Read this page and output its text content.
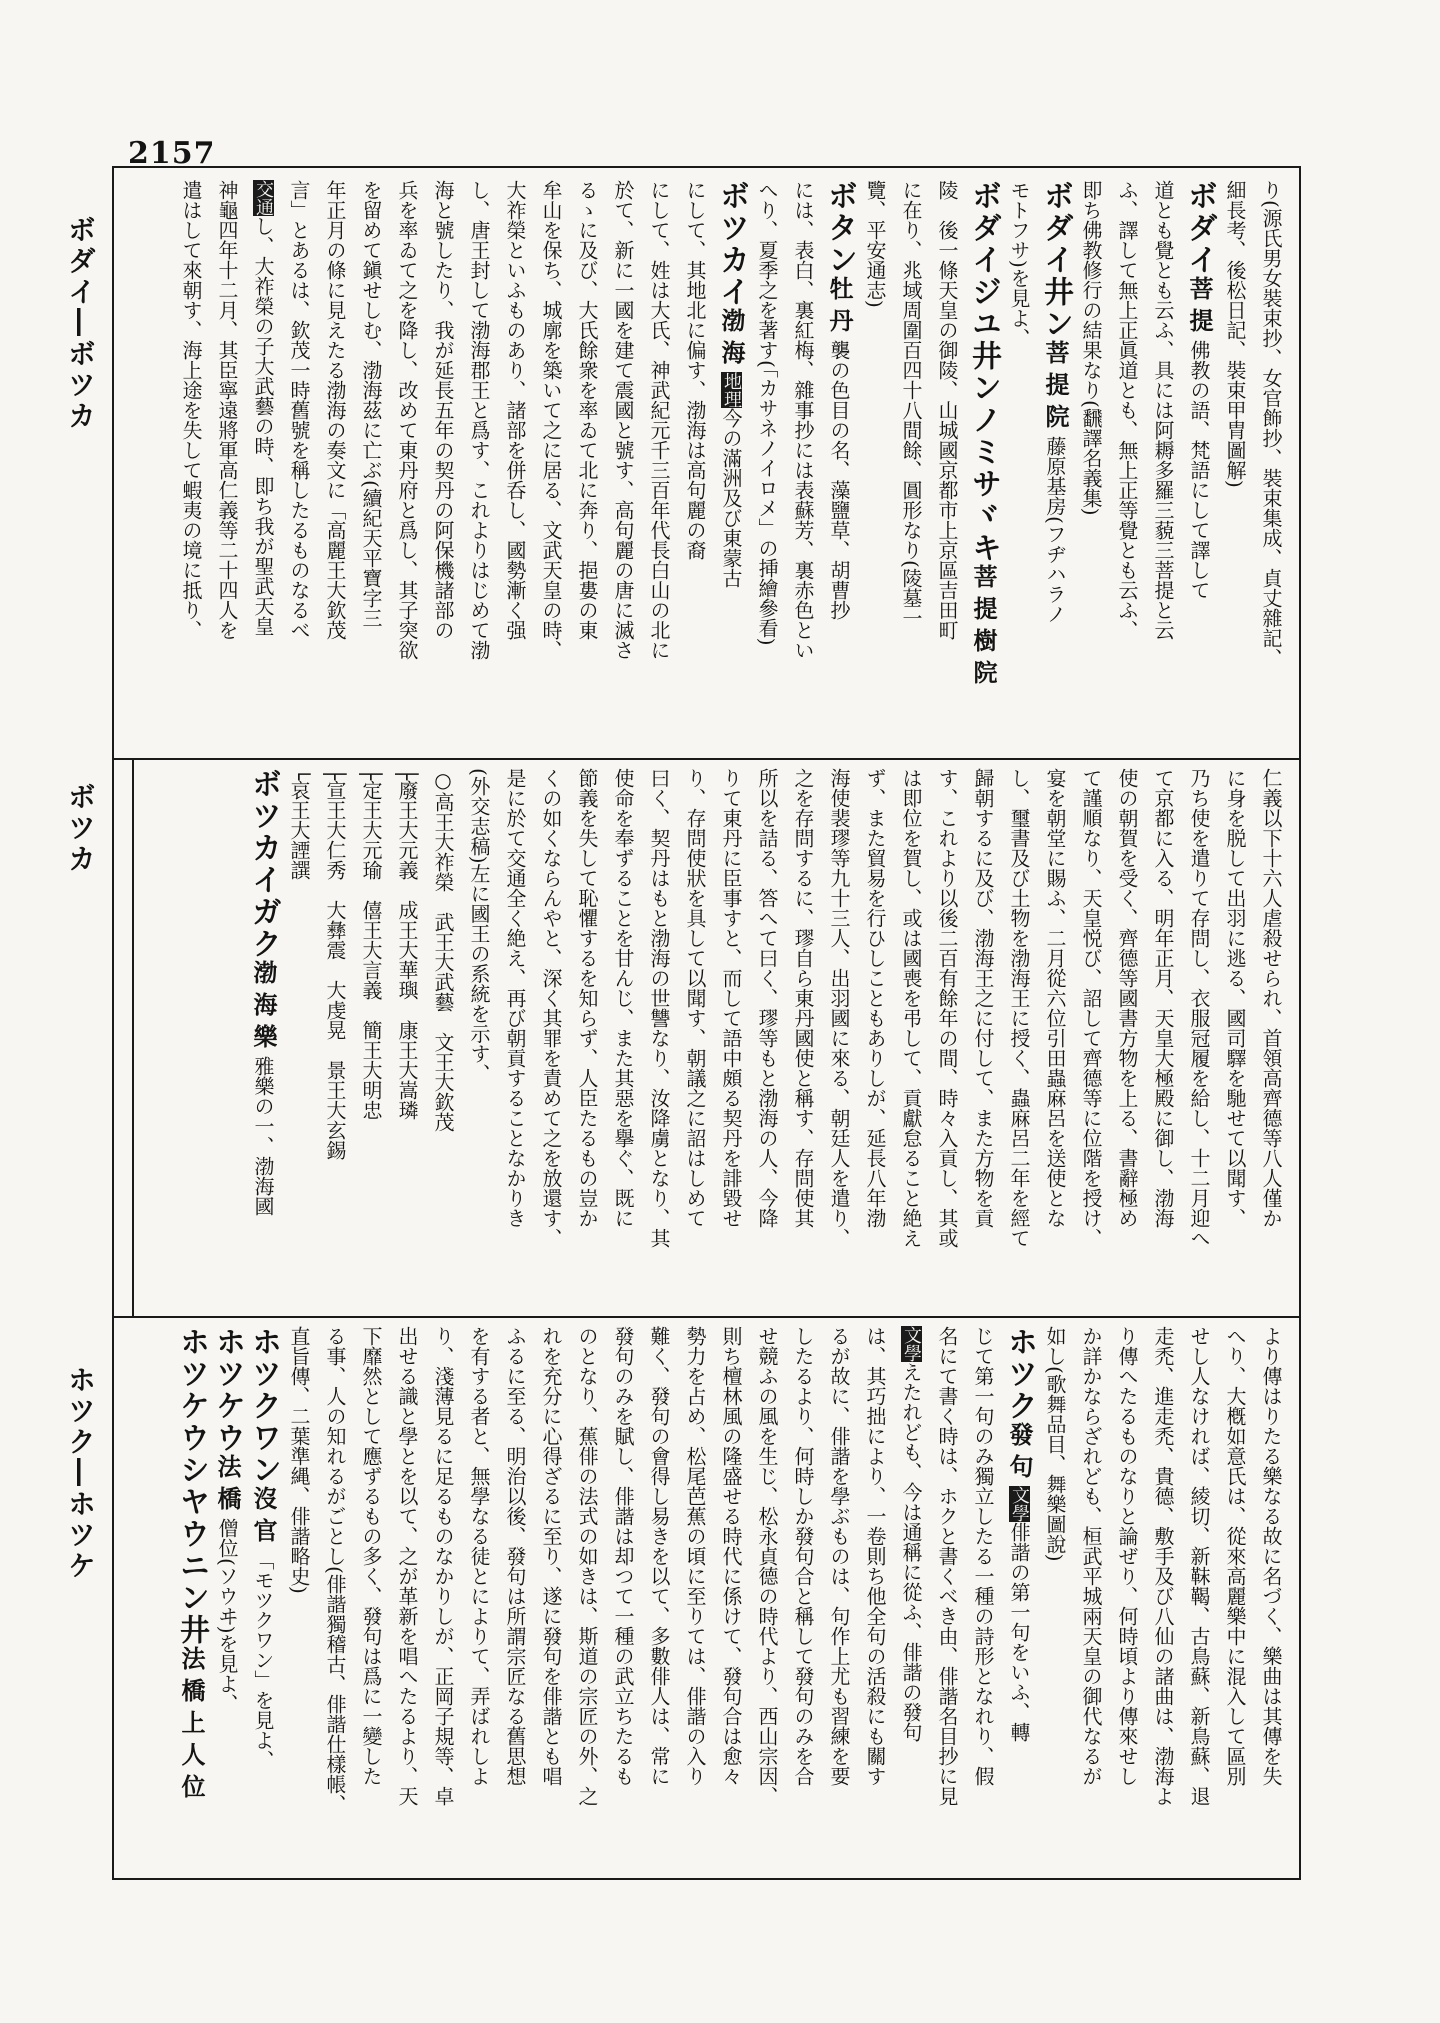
2157
ボダイ―ボツカ
ボツカ
ホツク―ホツケ

り(源氏男女裝束抄、女官飾抄、裝束集成、貞丈雜記、

細長考、後松日記、裝束甲胄圖解)

ボダイ菩提佛教の語、梵語にして譯して

道とも覺とも云ふ、具には阿耨多羅三藐三菩提と云

ふ、譯して無上正眞道とも、無上正等覺とも云ふ、

即ち佛教修行の結果なり(飜譯名義集)

ボダイ井ン菩提院藤原基房(フヂハラノ

モトフサ)を見よ、

ボダイジユ井ンノミサヾキ菩提樹院

陵　後一條天皇の御陵、山城國京都市上京區吉田町

に在り、兆域周圍百四十八間餘、圓形なり(陵墓一

覽、平安通志)

ボタン牡丹襲の色目の名、藻鹽草、胡曹抄

には、表白、裏紅梅、雜事抄には表蘇芳、裏赤色とい

へり、夏季之を著す(「カサネノイロメ」の挿繪參看)

ボツカイ渤海地理今の滿洲及び東蒙古

にして、其地北に偏す、渤海は高句麗の裔

にして、姓は大氏、神武紀元千三百年代長白山の北に

於て、新に一國を建て震國と號す、高句麗の唐に滅さ

るゝに及び、大氏餘衆を率ゐて北に奔り、挹婁の東

牟山を保ち、城廓を築いて之に居る、文武天皇の時、

大祚榮といふものあり、諸部を併呑し、國勢漸く强

し、唐王封して渤海郡王と爲す、これよりはじめて渤

海と號したり、我が延長五年の契丹の阿保機諸部の

兵を率ゐて之を降し、改めて東丹府と爲し、其子突欲

を留めて鎭せしむ、渤海茲に亡ぶ(續紀天平寶字三

年正月の條に見えたる渤海の奏文に「高麗王大欽茂

言」とあるは、欽茂一時舊號を稱したるものなるべ

交通し、大祚榮の子大武藝の時、即ち我が聖武天皇

神龜四年十二月、其臣寧遠將軍高仁義等二十四人を

遣はして來朝す、海上途を失して蝦夷の境に抵り、

仁義以下十六人虐殺せられ、首領高齊德等八人僅か

に身を脱して出羽に逃る、國司驛を馳せて以聞す、

乃ち使を遣りて存問し、衣服冠履を給し、十二月迎へ

て京都に入る、明年正月、天皇大極殿に御し、渤海

使の朝賀を受く、齊德等國書方物を上る、書辭極め

て謹順なり、天皇悦び、詔して齊德等に位階を授け、

宴を朝堂に賜ふ、二月從六位引田蟲麻呂を送使とな

し、璽書及び土物を渤海王に授く、蟲麻呂二年を經て

歸朝するに及び、渤海王之に付して、また方物を貢

す、これより以後二百有餘年の間、時々入貢し、其或

は即位を賀し、或は國喪を弔して、貢獻怠ること絶え

ず、また貿易を行ひしこともありしが、延長八年渤

海使裴璆等九十三人、出羽國に來る、朝廷人を遣り、

之を存問するに、璆自ら東丹國使と稱す、存問使其

所以を詰る、答へて曰く、璆等もと渤海の人、今降

りて東丹に臣事すと、而して語中頗る契丹を誹毀せ

り、存問使狀を具して以聞す、朝議之に詔はしめて

曰く、契丹はもと渤海の世讐なり、汝降虜となり、其

使命を奉ずることを甘んじ、また其惡を擧ぐ、既に

節義を失して恥懼するを知らず、人臣たるもの豈か

くの如くならんやと、深く其罪を責めて之を放還す、

是に於て交通全く絶え、再び朝貢することなかりき

(外交志稿)左に國王の系統を示す、

○高王大祚榮　武王大武藝　文王大欽茂

├廢王大元義　成王大華璵　康王大嵩璘

├定王大元瑜　僖王大言義　簡王大明忠

├宣王大仁秀　大彝震　大虔晃　景王大玄錫

└哀王大諲譔

ボツカイガク渤海樂雅樂の一、渤海國

より傳はりたる樂なる故に名づく、樂曲は其傳を失

へり、大槪如意氏は、從來高麗樂中に混入して區別

せし人なければ、綾切、新靺鞨、古鳥蘇、新鳥蘇、退

走禿、進走禿、貴德、敷手及び八仙の諸曲は、渤海よ

り傳へたるものなりと論ぜり、何時頃より傳來せし

か詳かならざれども、桓武平城兩天皇の御代なるが

如し(歌舞品目、舞樂圖說)

ホツク發句文學俳諧の第一句をいふ、轉

じて第一句のみ獨立したる一種の詩形となれり、假

名にて書く時は、ホクと書くべき由、俳諧名目抄に見

文學えたれども、今は通稱に從ふ、俳諧の發句

は、其巧拙により、一卷則ち他全句の活殺にも關す

るが故に、俳諧を學ぶものは、句作上尤も習練を要

したるより、何時しか發句合と稱して發句のみを合

せ競ふの風を生じ、松永貞德の時代より、西山宗因、

則ち檀林風の隆盛せる時代に係けて、發句合は愈々

勢力を占め、松尾芭蕉の頃に至りては、俳諧の入り

難く、發句の會得し易きを以て、多數俳人は、常に

發句のみを賦し、俳諧は却つて一種の武立ちたるも

のとなり、蕉俳の法式の如きは、斯道の宗匠の外、之

れを充分に心得ざるに至り、遂に發句を俳諧とも唱

ふるに至る、明治以後、發句は所謂宗匠なる舊思想

を有する者と、無學なる徒とによりて、弄ばれしよ

り、淺薄見るに足るものなかりしが、正岡子規等、卓

出せる識と學とを以て、之が革新を唱へたるより、天

下靡然として應ずるもの多く、發句は爲に一變した

る事、人の知れるがごとし(俳諧獨稽古、俳諧仕樣帳、

直旨傳、二葉準縄、俳諧略史)

ホツクワン沒官「モツクワン」を見よ、

ホツケウ法橋僧位(ソウヰ)を見よ、

ホツケウシヤウニン井法橋上人位
